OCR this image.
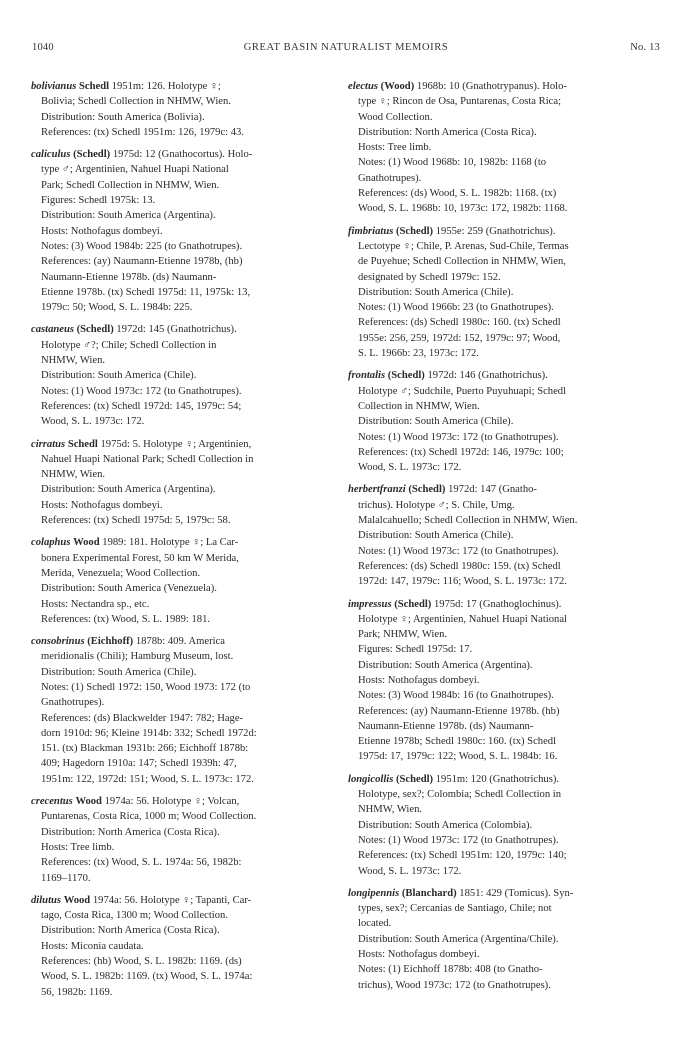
1040	GREAT BASIN NATURALIST MEMOIRS	No. 13
bolivianus Schedl 1951m: 126. Holotype ♀;
Bolivia; Schedl Collection in NHMW, Wien.
Distribution: South America (Bolivia).
References: (tx) Schedl 1951m: 126, 1979c: 43.
caliculus (Schedl) 1975d: 12 (Gnathocortus). Holo-
type ♂; Argentinien, Nahuel Huapi National
Park; Schedl Collection in NHMW, Wien.
Figures: Schedl 1975k: 13.
Distribution: South America (Argentina).
Hosts: Nothofagus dombeyi.
Notes: (3) Wood 1984b: 225 (to Gnathotrupes).
References: (ay) Naumann-Etienne 1978b, (hb)
Naumann-Etienne 1978b. (ds) Naumann-
Etienne 1978b. (tx) Schedl 1975d: 11, 1975k: 13,
1979c: 50; Wood, S. L. 1984b: 225.
castaneus (Schedl) 1972d: 145 (Gnathotrichus).
Holotype ♂?; Chile; Schedl Collection in
NHMW, Wien.
Distribution: South America (Chile).
Notes: (1) Wood 1973c: 172 (to Gnathotrupes).
References: (tx) Schedl 1972d: 145, 1979c: 54;
Wood, S. L. 1973c: 172.
cirratus Schedl 1975d: 5. Holotype ♀; Argentinien,
Nahuel Huapi National Park; Schedl Collection in
NHMW, Wien.
Distribution: South America (Argentina).
Hosts: Nothofagus dombeyi.
References: (tx) Schedl 1975d: 5, 1979c: 58.
colaphus Wood 1989: 181. Holotype ♀; La Car-
bonera Experimental Forest, 50 km W Merida,
Merida, Venezuela; Wood Collection.
Distribution: South America (Venezuela).
Hosts: Nectandra sp., etc.
References: (tx) Wood, S. L. 1989: 181.
consobrinus (Eichhoff) 1878b: 409. America
meridionalis (Chili); Hamburg Museum, lost.
Distribution: South America (Chile).
Notes: (1) Schedl 1972: 150, Wood 1973: 172 (to
Gnathotrupes).
References: (ds) Blackwelder 1947: 782; Hage-
dorn 1910d: 96; Kleine 1914b: 332; Schedl 1972d:
151. (tx) Blackman 1931b: 266; Eichhoff 1878b:
409; Hagedorn 1910a: 147; Schedl 1939h: 47,
1951m: 122, 1972d: 151; Wood, S. L. 1973c: 172.
crecentus Wood 1974a: 56. Holotype ♀; Volcan,
Puntarenas, Costa Rica, 1000 m; Wood Collection.
Distribution: North America (Costa Rica).
Hosts: Tree limb.
References: (tx) Wood, S. L. 1974a: 56, 1982b:
1169–1170.
dilutus Wood 1974a: 56. Holotype ♀; Tapanti, Car-
tago, Costa Rica, 1300 m; Wood Collection.
Distribution: North America (Costa Rica).
Hosts: Miconia caudata.
References: (hb) Wood, S. L. 1982b: 1169. (ds)
Wood, S. L. 1982b: 1169. (tx) Wood, S. L. 1974a:
56, 1982b: 1169.
electus (Wood) 1968b: 10 (Gnathotrypanus). Holo-
type ♀; Rincon de Osa, Puntarenas, Costa Rica;
Wood Collection.
Distribution: North America (Costa Rica).
Hosts: Tree limb.
Notes: (1) Wood 1968b: 10, 1982b: 1168 (to
Gnathotrupes).
References: (ds) Wood, S. L. 1982b: 1168. (tx)
Wood, S. L. 1968b: 10, 1973c: 172, 1982b: 1168.
fimbriatus (Schedl) 1955e: 259 (Gnathotrichus).
Lectotype ♀; Chile, P. Arenas, Sud-Chile, Termas
de Puyehue; Schedl Collection in NHMW, Wien,
designated by Schedl 1979c: 152.
Distribution: South America (Chile).
Notes: (1) Wood 1966b: 23 (to Gnathotrupes).
References: (ds) Schedl 1980c: 160. (tx) Schedl
1955e: 256, 259, 1972d: 152, 1979c: 97; Wood,
S. L. 1966b: 23, 1973c: 172.
frontalis (Schedl) 1972d: 146 (Gnathotrichus).
Holotype ♂; Sudchile, Puerto Puyuhuapi; Schedl
Collection in NHMW, Wien.
Distribution: South America (Chile).
Notes: (1) Wood 1973c: 172 (to Gnathotrupes).
References: (tx) Schedl 1972d: 146, 1979c: 100;
Wood, S. L. 1973c: 172.
herbertfranzi (Schedl) 1972d: 147 (Gnatho-
trichus). Holotype ♂; S. Chile, Umg.
Malalcahuello; Schedl Collection in NHMW, Wien.
Distribution: South America (Chile).
Notes: (1) Wood 1973c: 172 (to Gnathotrupes).
References: (ds) Schedl 1980c: 159. (tx) Schedl
1972d: 147, 1979c: 116; Wood, S. L. 1973c: 172.
impressus (Schedl) 1975d: 17 (Gnathoglochinus).
Holotype ♀; Argentinien, Nahuel Huapi National
Park; NHMW, Wien.
Figures: Schedl 1975d: 17.
Distribution: South America (Argentina).
Hosts: Nothofagus dombeyi.
Notes: (3) Wood 1984b: 16 (to Gnathotrupes).
References: (ay) Naumann-Etienne 1978b. (hb)
Naumann-Etienne 1978b. (ds) Naumann-
Etienne 1978b; Schedl 1980c: 160. (tx) Schedl
1975d: 17, 1979c: 122; Wood, S. L. 1984b: 16.
longicollis (Schedl) 1951m: 120 (Gnathotrichus).
Holotype, sex?; Colombia; Schedl Collection in
NHMW, Wien.
Distribution: South America (Colombia).
Notes: (1) Wood 1973c: 172 (to Gnathotrupes).
References: (tx) Schedl 1951m: 120, 1979c: 140;
Wood, S. L. 1973c: 172.
longipennis (Blanchard) 1851: 429 (Tomicus). Syn-
types, sex?; Cercanias de Santiago, Chile; not
located.
Distribution: South America (Argentina/Chile).
Hosts: Nothofagus dombeyi.
Notes: (1) Eichhoff 1878b: 408 (to Gnatho-
trichus), Wood 1973c: 172 (to Gnathotrupes).
